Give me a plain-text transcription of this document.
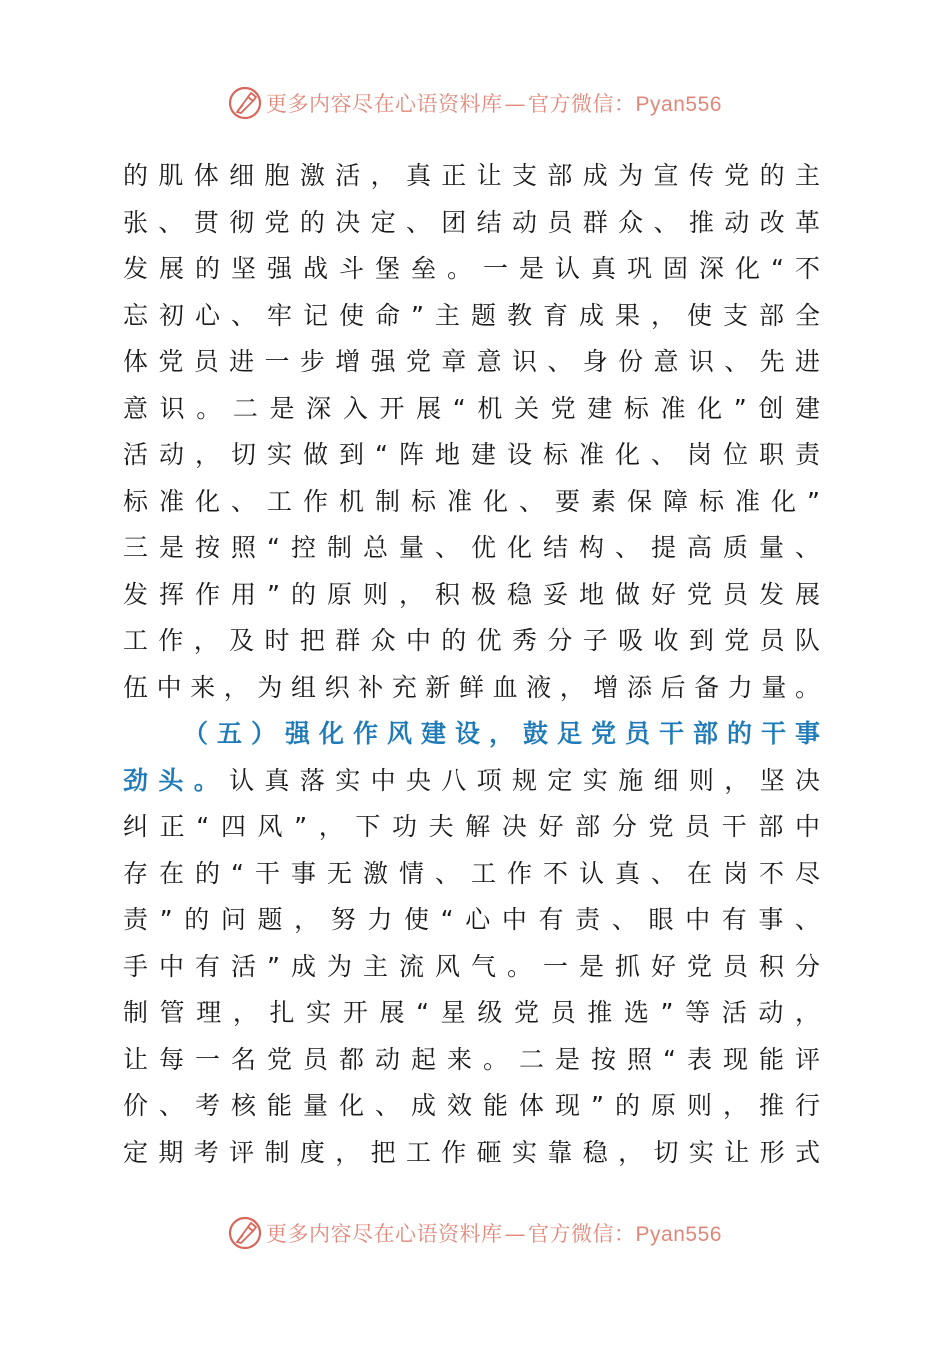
更多内容尽在心语资料库—官方微信：Pyan556
的肌体细胞激活，真正让支部成为宣传党的主
张、贯彻党的决定、团结动员群众、推动改革
发展的坚强战斗堡垒。一是认真巩固深化“不
忘初心、牢记使命”主题教育成果，使支部全
体党员进一步增强党章意识、身份意识、先进
意识。二是深入开展“机关党建标准化”创建
活动，切实做到“阵地建设标准化、岗位职责
标准化、工作机制标准化、要素保障标准化”
三是按照“控制总量、优化结构、提高质量、
发挥作用”的原则，积极稳妥地做好党员发展
工作，及时把群众中的优秀分子吸收到党员队
伍中来，为组织补充新鲜血液，增添后备力量。
（五）强化作风建设，鼓足党员干部的干事
劲头。认真落实中央八项规定实施细则，坚决
纠正“四风”，下功夫解决好部分党员干部中
存在的“干事无激情、工作不认真、在岗不尽
责”的问题，努力使“心中有责、眼中有事、
手中有活”成为主流风气。一是抓好党员积分
制管理，扎实开展“星级党员推选”等活动，
让每一名党员都动起来。二是按照“表现能评
价、考核能量化、成效能体现”的原则，推行
定期考评制度，把工作砸实靠稳，切实让形式
更多内容尽在心语资料库—官方微信：Pyan556
